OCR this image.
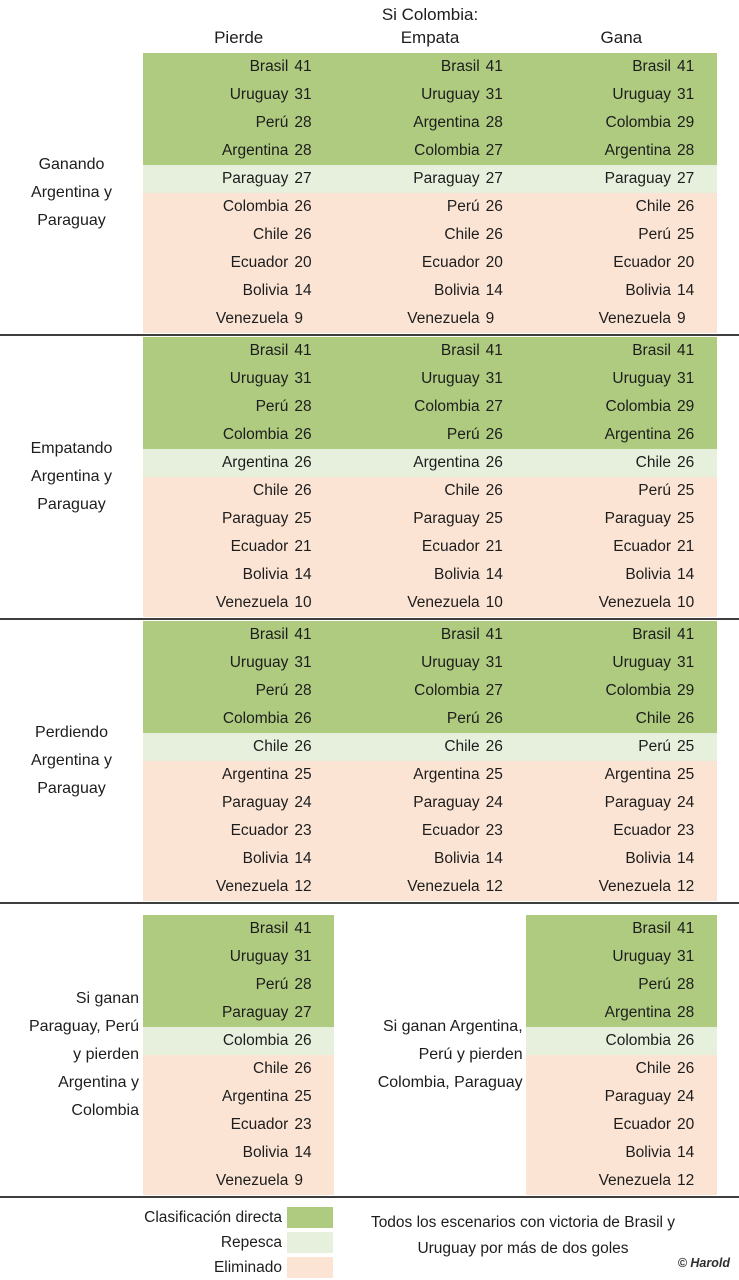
Si Colombia:
Pierde	Empata	Gana
Ganando
Argentina y
Paraguay
Brasil 41
Uruguay 31
Perú 28
Argentina 28
Paraguay 27
Colombia 26
Chile 26
Ecuador 20
Bolivia 14
Venezuela 9
Brasil 41
Uruguay 31
Argentina 28
Colombia 27
Paraguay 27
Perú 26
Chile 26
Ecuador 20
Bolivia 14
Venezuela 9
Brasil 41
Uruguay 31
Colombia 29
Argentina 28
Paraguay 27
Chile 26
Perú 25
Ecuador 20
Bolivia 14
Venezuela 9
Empatando
Argentina y
Paraguay
Brasil 41
Uruguay 31
Perú 28
Colombia 26
Argentina 26
Chile 26
Paraguay 25
Ecuador 21
Bolivia 14
Venezuela 10
Brasil 41
Uruguay 31
Colombia 27
Perú 26
Argentina 26
Chile 26
Paraguay 25
Ecuador 21
Bolivia 14
Venezuela 10
Brasil 41
Uruguay 31
Colombia 29
Argentina 26
Chile 26
Perú 25
Paraguay 25
Ecuador 21
Bolivia 14
Venezuela 10
Perdiendo
Argentina y
Paraguay
Brasil 41
Uruguay 31
Perú 28
Colombia 26
Chile 26
Argentina 25
Paraguay 24
Ecuador 23
Bolivia 14
Venezuela 12
Brasil 41
Uruguay 31
Colombia 27
Perú 26
Chile 26
Argentina 25
Paraguay 24
Ecuador 23
Bolivia 14
Venezuela 12
Brasil 41
Uruguay 31
Colombia 29
Chile 26
Perú 25
Argentina 25
Paraguay 24
Ecuador 23
Bolivia 14
Venezuela 12
Si ganan
Paraguay, Perú
y pierden
Argentina y
Colombia
Brasil 41
Uruguay 31
Perú 28
Paraguay 27
Colombia 26
Chile 26
Argentina 25
Ecuador 23
Bolivia 14
Venezuela 9
Si ganan Argentina,
Perú y pierden
Colombia, Paraguay
Brasil 41
Uruguay 31
Perú 28
Argentina 28
Colombia 26
Chile 26
Paraguay 24
Ecuador 20
Bolivia 14
Venezuela 12
Clasificación directa
Repesca
Eliminado
Todos los escenarios con victoria de Brasil y
Uruguay por más de dos goles
© Harold
